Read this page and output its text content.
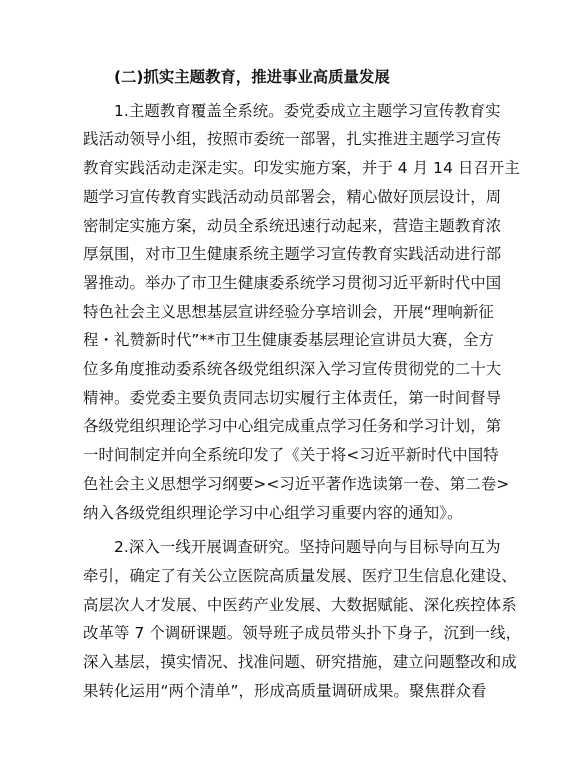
(二)抓实主题教育，推进事业高质量发展

1.主题教育覆盖全系统。委党委成立主题学习宣传教育实

践活动领导小组，按照市委统一部署，扎实推进主题学习宣传

教育实践活动走深走实。印发实施方案，并于 4 月 14 日召开主

题学习宣传教育实践活动动员部署会，精心做好顶层设计，周

密制定实施方案，动员全系统迅速行动起来，营造主题教育浓

厚氛围，对市卫生健康系统主题学习宣传教育实践活动进行部

署推动。举办了市卫生健康委系统学习贯彻习近平新时代中国

特色社会主义思想基层宣讲经验分享培训会，开展“理响新征

程・礼赞新时代”**市卫生健康委基层理论宣讲员大赛，全方

位多角度推动委系统各级党组织深入学习宣传贯彻党的二十大

精神。委党委主要负责同志切实履行主体责任，第一时间督导

各级党组织理论学习中心组完成重点学习任务和学习计划，第

一时间制定并向全系统印发了《关于将<习近平新时代中国特

色社会主义思想学习纲要><习近平著作选读第一卷、第二卷>

纳入各级党组织理论学习中心组学习重要内容的通知》。

2.深入一线开展调查研究。坚持问题导向与目标导向互为

牵引，确定了有关公立医院高质量发展、医疗卫生信息化建设、

高层次人才发展、中医药产业发展、大数据赋能、深化疾控体系

改革等 7 个调研课题。领导班子成员带头扑下身子，沉到一线，

深入基层，摸实情况、找准问题、研究措施，建立问题整改和成

果转化运用“两个清单”，形成高质量调研成果。聚焦群众看
